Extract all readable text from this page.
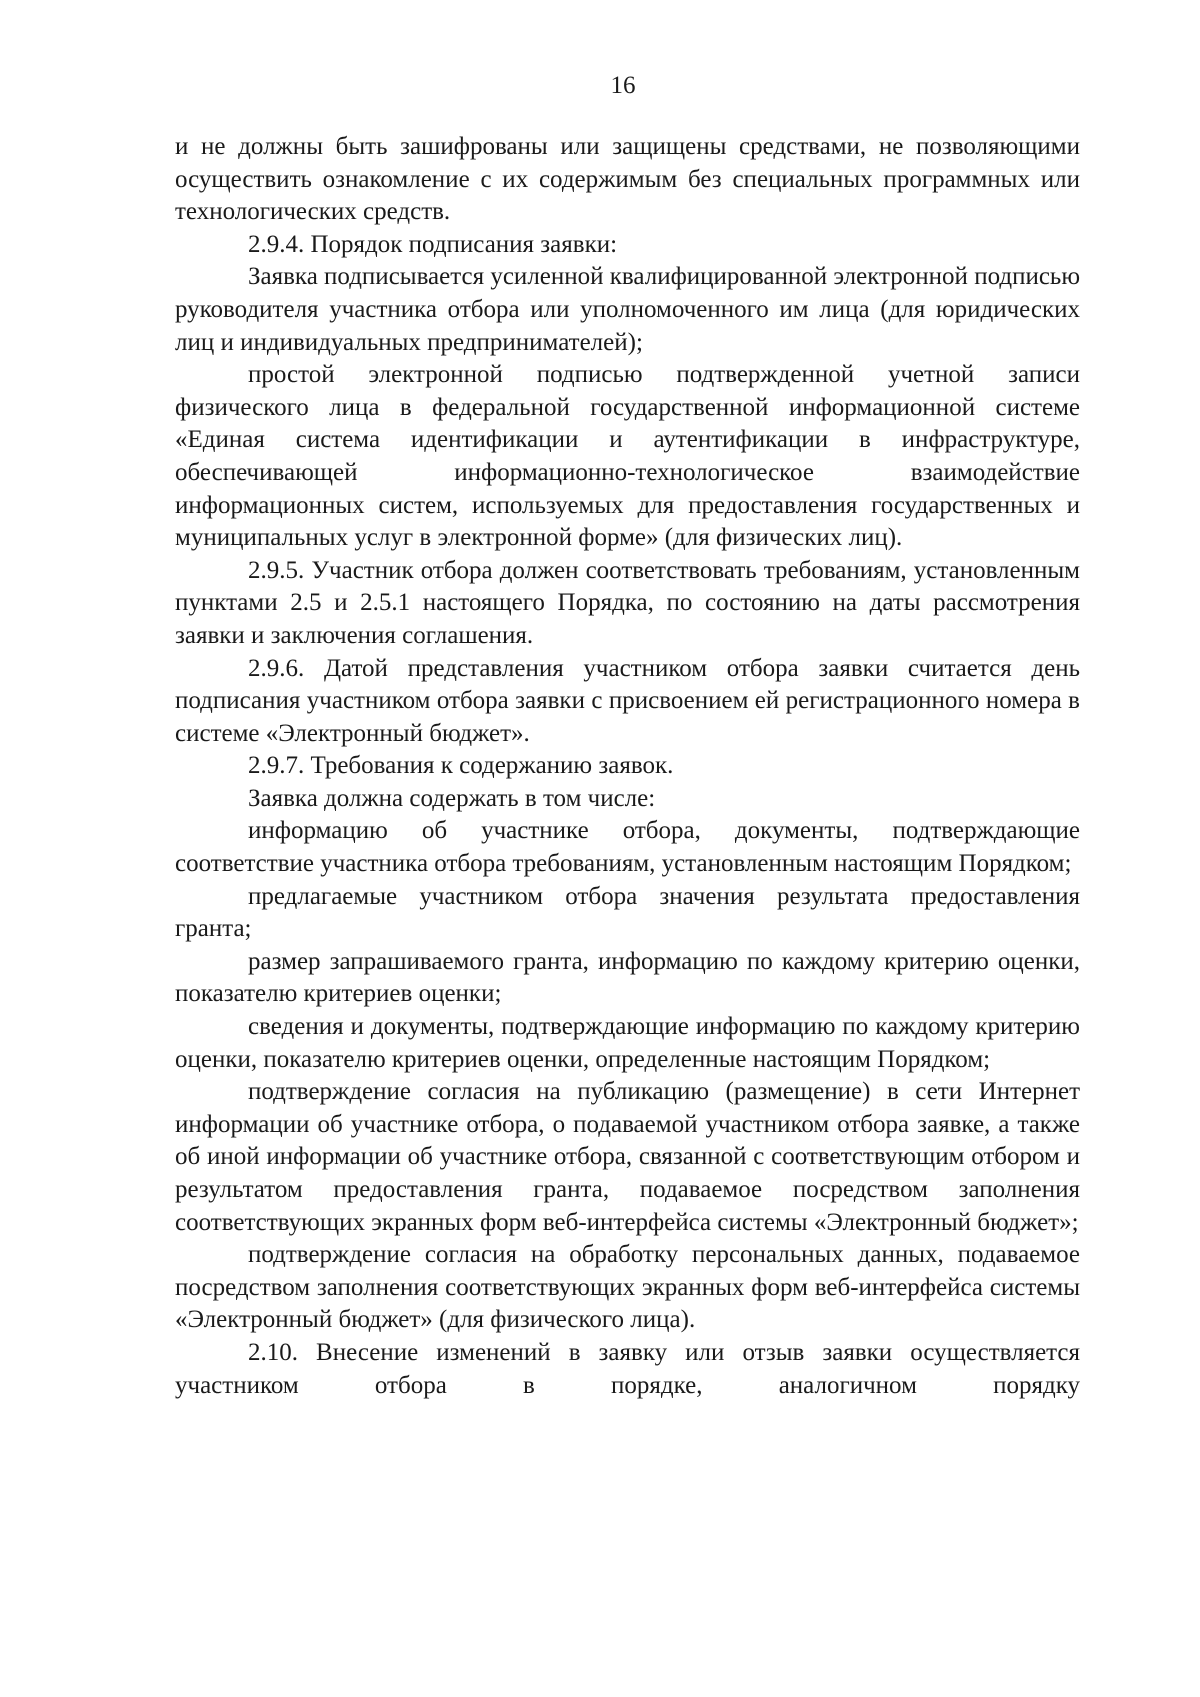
16

и не должны быть зашифрованы или защищены средствами, не позволяющими осуществить ознакомление с их содержимым без специальных программных или технологических средств.

2.9.4. Порядок подписания заявки:

Заявка подписывается усиленной квалифицированной электронной подписью руководителя участника отбора или уполномоченного им лица (для юридических лиц и индивидуальных предпринимателей);

простой электронной подписью подтвержденной учетной записи физического лица в федеральной государственной информационной системе «Единая система идентификации и аутентификации в инфраструктуре, обеспечивающей информационно-технологическое взаимодействие информационных систем, используемых для предоставления государственных и муниципальных услуг в электронной форме» (для физических лиц).

2.9.5. Участник отбора должен соответствовать требованиям, установленным пунктами 2.5 и 2.5.1 настоящего Порядка, по состоянию на даты рассмотрения заявки и заключения соглашения.

2.9.6. Датой представления участником отбора заявки считается день подписания участником отбора заявки с присвоением ей регистрационного номера в системе «Электронный бюджет».

2.9.7. Требования к содержанию заявок.

Заявка должна содержать в том числе:

информацию об участнике отбора, документы, подтверждающие соответствие участника отбора требованиям, установленным настоящим Порядком;

предлагаемые участником отбора значения результата предоставления гранта;

размер запрашиваемого гранта, информацию по каждому критерию оценки, показателю критериев оценки;

сведения и документы, подтверждающие информацию по каждому критерию оценки, показателю критериев оценки, определенные настоящим Порядком;

подтверждение согласия на публикацию (размещение) в сети Интернет информации об участнике отбора, о подаваемой участником отбора заявке, а также об иной информации об участнике отбора, связанной с соответствующим отбором и результатом предоставления гранта, подаваемое посредством заполнения соответствующих экранных форм веб-интерфейса системы «Электронный бюджет»;

подтверждение согласия на обработку персональных данных, подаваемое посредством заполнения соответствующих экранных форм веб-интерфейса системы «Электронный бюджет» (для физического лица).

2.10. Внесение изменений в заявку или отзыв заявки осуществляется участником отбора в порядке, аналогичном порядку
